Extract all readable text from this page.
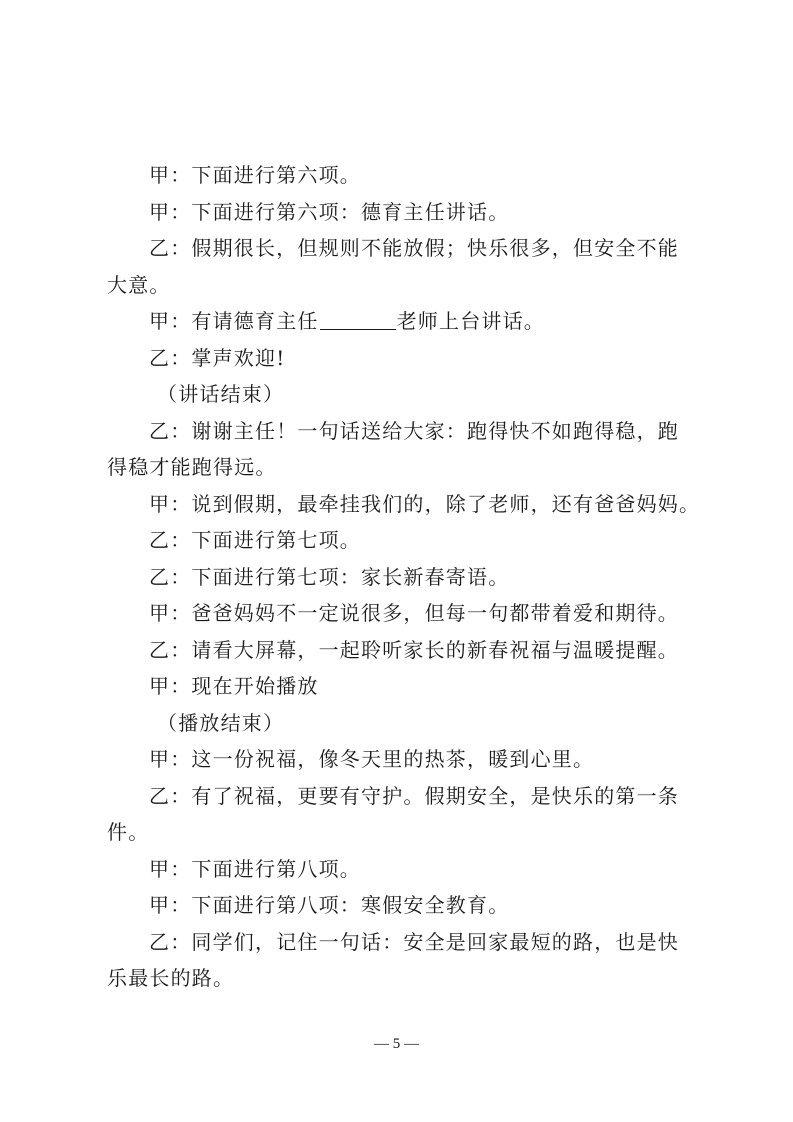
甲：下面进行第六项。
甲：下面进行第六项：德育主任讲话。
乙：假期很长，但规则不能放假；快乐很多，但安全不能
大意。
甲：有请德育主任	老师上台讲话。
乙：掌声欢迎!
（讲话结束）
乙：谢谢主任！一句话送给大家：跑得快不如跑得稳，跑
得稳才能跑得远。
甲：说到假期，最牵挂我们的，除了老师，还有爸爸妈妈。
乙：下面进行第七项。
乙：下面进行第七项：家长新春寄语。
甲：爸爸妈妈不一定说很多，但每一句都带着爱和期待。
乙：请看大屏幕，一起聆听家长的新春祝福与温暖提醒。
甲：现在开始播放
（播放结束）
甲：这一份祝福，像冬天里的热茶，暖到心里。
乙：有了祝福，更要有守护。假期安全，是快乐的第一条
件。
甲：下面进行第八项。
甲：下面进行第八项：寒假安全教育。
乙：同学们，记住一句话：安全是回家最短的路，也是快
乐最长的路。
— 5 —
